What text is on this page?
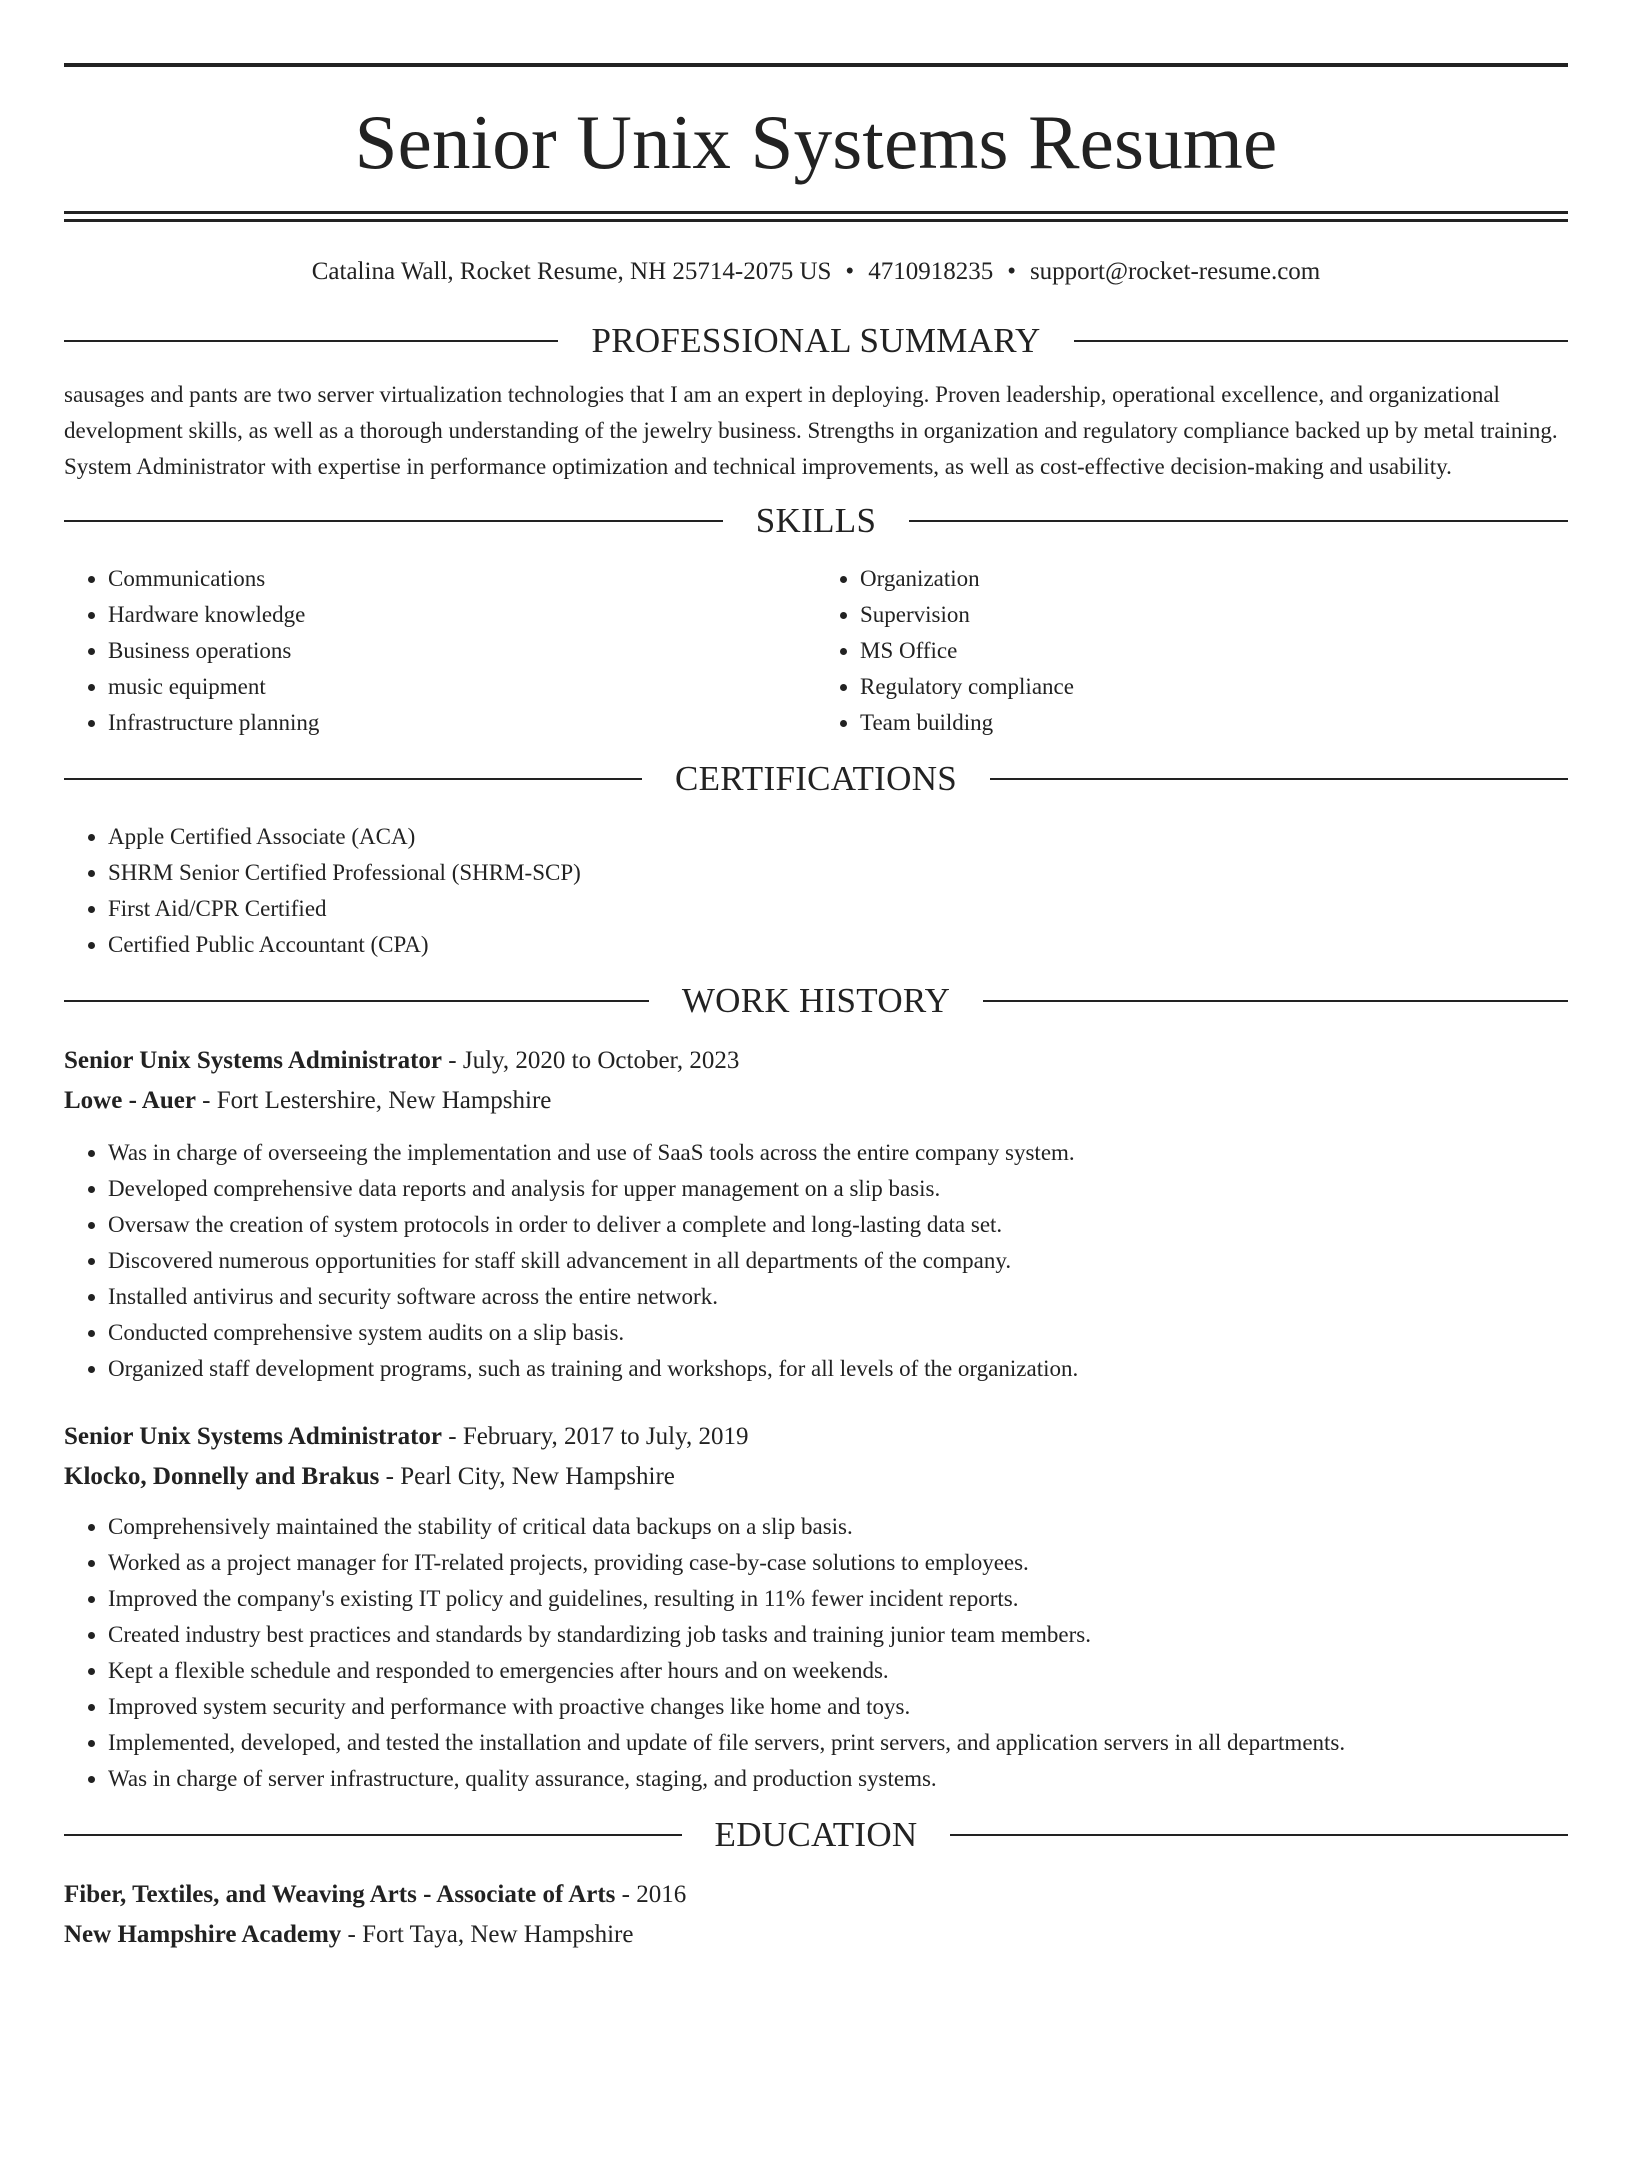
Senior Unix Systems Resume
Catalina Wall, Rocket Resume, NH 25714-2075 US • 4710918235 • support@rocket-resume.com
PROFESSIONAL SUMMARY
sausages and pants are two server virtualization technologies that I am an expert in deploying. Proven leadership, operational excellence, and organizational development skills, as well as a thorough understanding of the jewelry business. Strengths in organization and regulatory compliance backed up by metal training. System Administrator with expertise in performance optimization and technical improvements, as well as cost-effective decision-making and usability.
SKILLS
• Communications
• Hardware knowledge
• Business operations
• music equipment
• Infrastructure planning
• Organization
• Supervision
• MS Office
• Regulatory compliance
• Team building
CERTIFICATIONS
• Apple Certified Associate (ACA)
• SHRM Senior Certified Professional (SHRM-SCP)
• First Aid/CPR Certified
• Certified Public Accountant (CPA)
WORK HISTORY
Senior Unix Systems Administrator - July, 2020 to October, 2023
Lowe - Auer - Fort Lestershire, New Hampshire
• Was in charge of overseeing the implementation and use of SaaS tools across the entire company system.
• Developed comprehensive data reports and analysis for upper management on a slip basis.
• Oversaw the creation of system protocols in order to deliver a complete and long-lasting data set.
• Discovered numerous opportunities for staff skill advancement in all departments of the company.
• Installed antivirus and security software across the entire network.
• Conducted comprehensive system audits on a slip basis.
• Organized staff development programs, such as training and workshops, for all levels of the organization.
Senior Unix Systems Administrator - February, 2017 to July, 2019
Klocko, Donnelly and Brakus - Pearl City, New Hampshire
• Comprehensively maintained the stability of critical data backups on a slip basis.
• Worked as a project manager for IT-related projects, providing case-by-case solutions to employees.
• Improved the company's existing IT policy and guidelines, resulting in 11% fewer incident reports.
• Created industry best practices and standards by standardizing job tasks and training junior team members.
• Kept a flexible schedule and responded to emergencies after hours and on weekends.
• Improved system security and performance with proactive changes like home and toys.
• Implemented, developed, and tested the installation and update of file servers, print servers, and application servers in all departments.
• Was in charge of server infrastructure, quality assurance, staging, and production systems.
EDUCATION
Fiber, Textiles, and Weaving Arts - Associate of Arts - 2016
New Hampshire Academy - Fort Taya, New Hampshire
